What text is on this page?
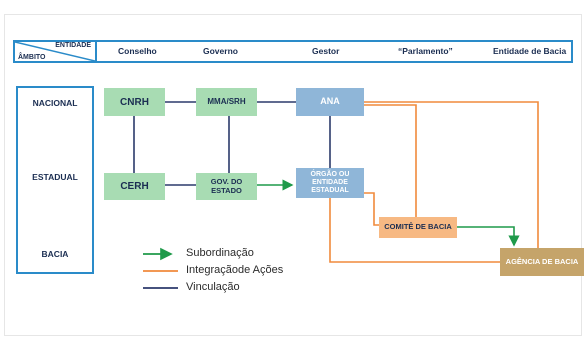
ENTIDADE
ÂMBITO
Conselho	Governo	Gestor	“Parlamento”	Entidade de Bacia
NACIONAL
ESTADUAL
BACIA
CNRH	MMA/SRH	ANA
CERH	GOV. DO ESTADO
ÓRGÃO OU ENTIDADE ESTADUAL
COMITÊ DE BACIA
AGÊNCIA DE BACIA
Subordinação
Integraçãode Ações
Vinculação
